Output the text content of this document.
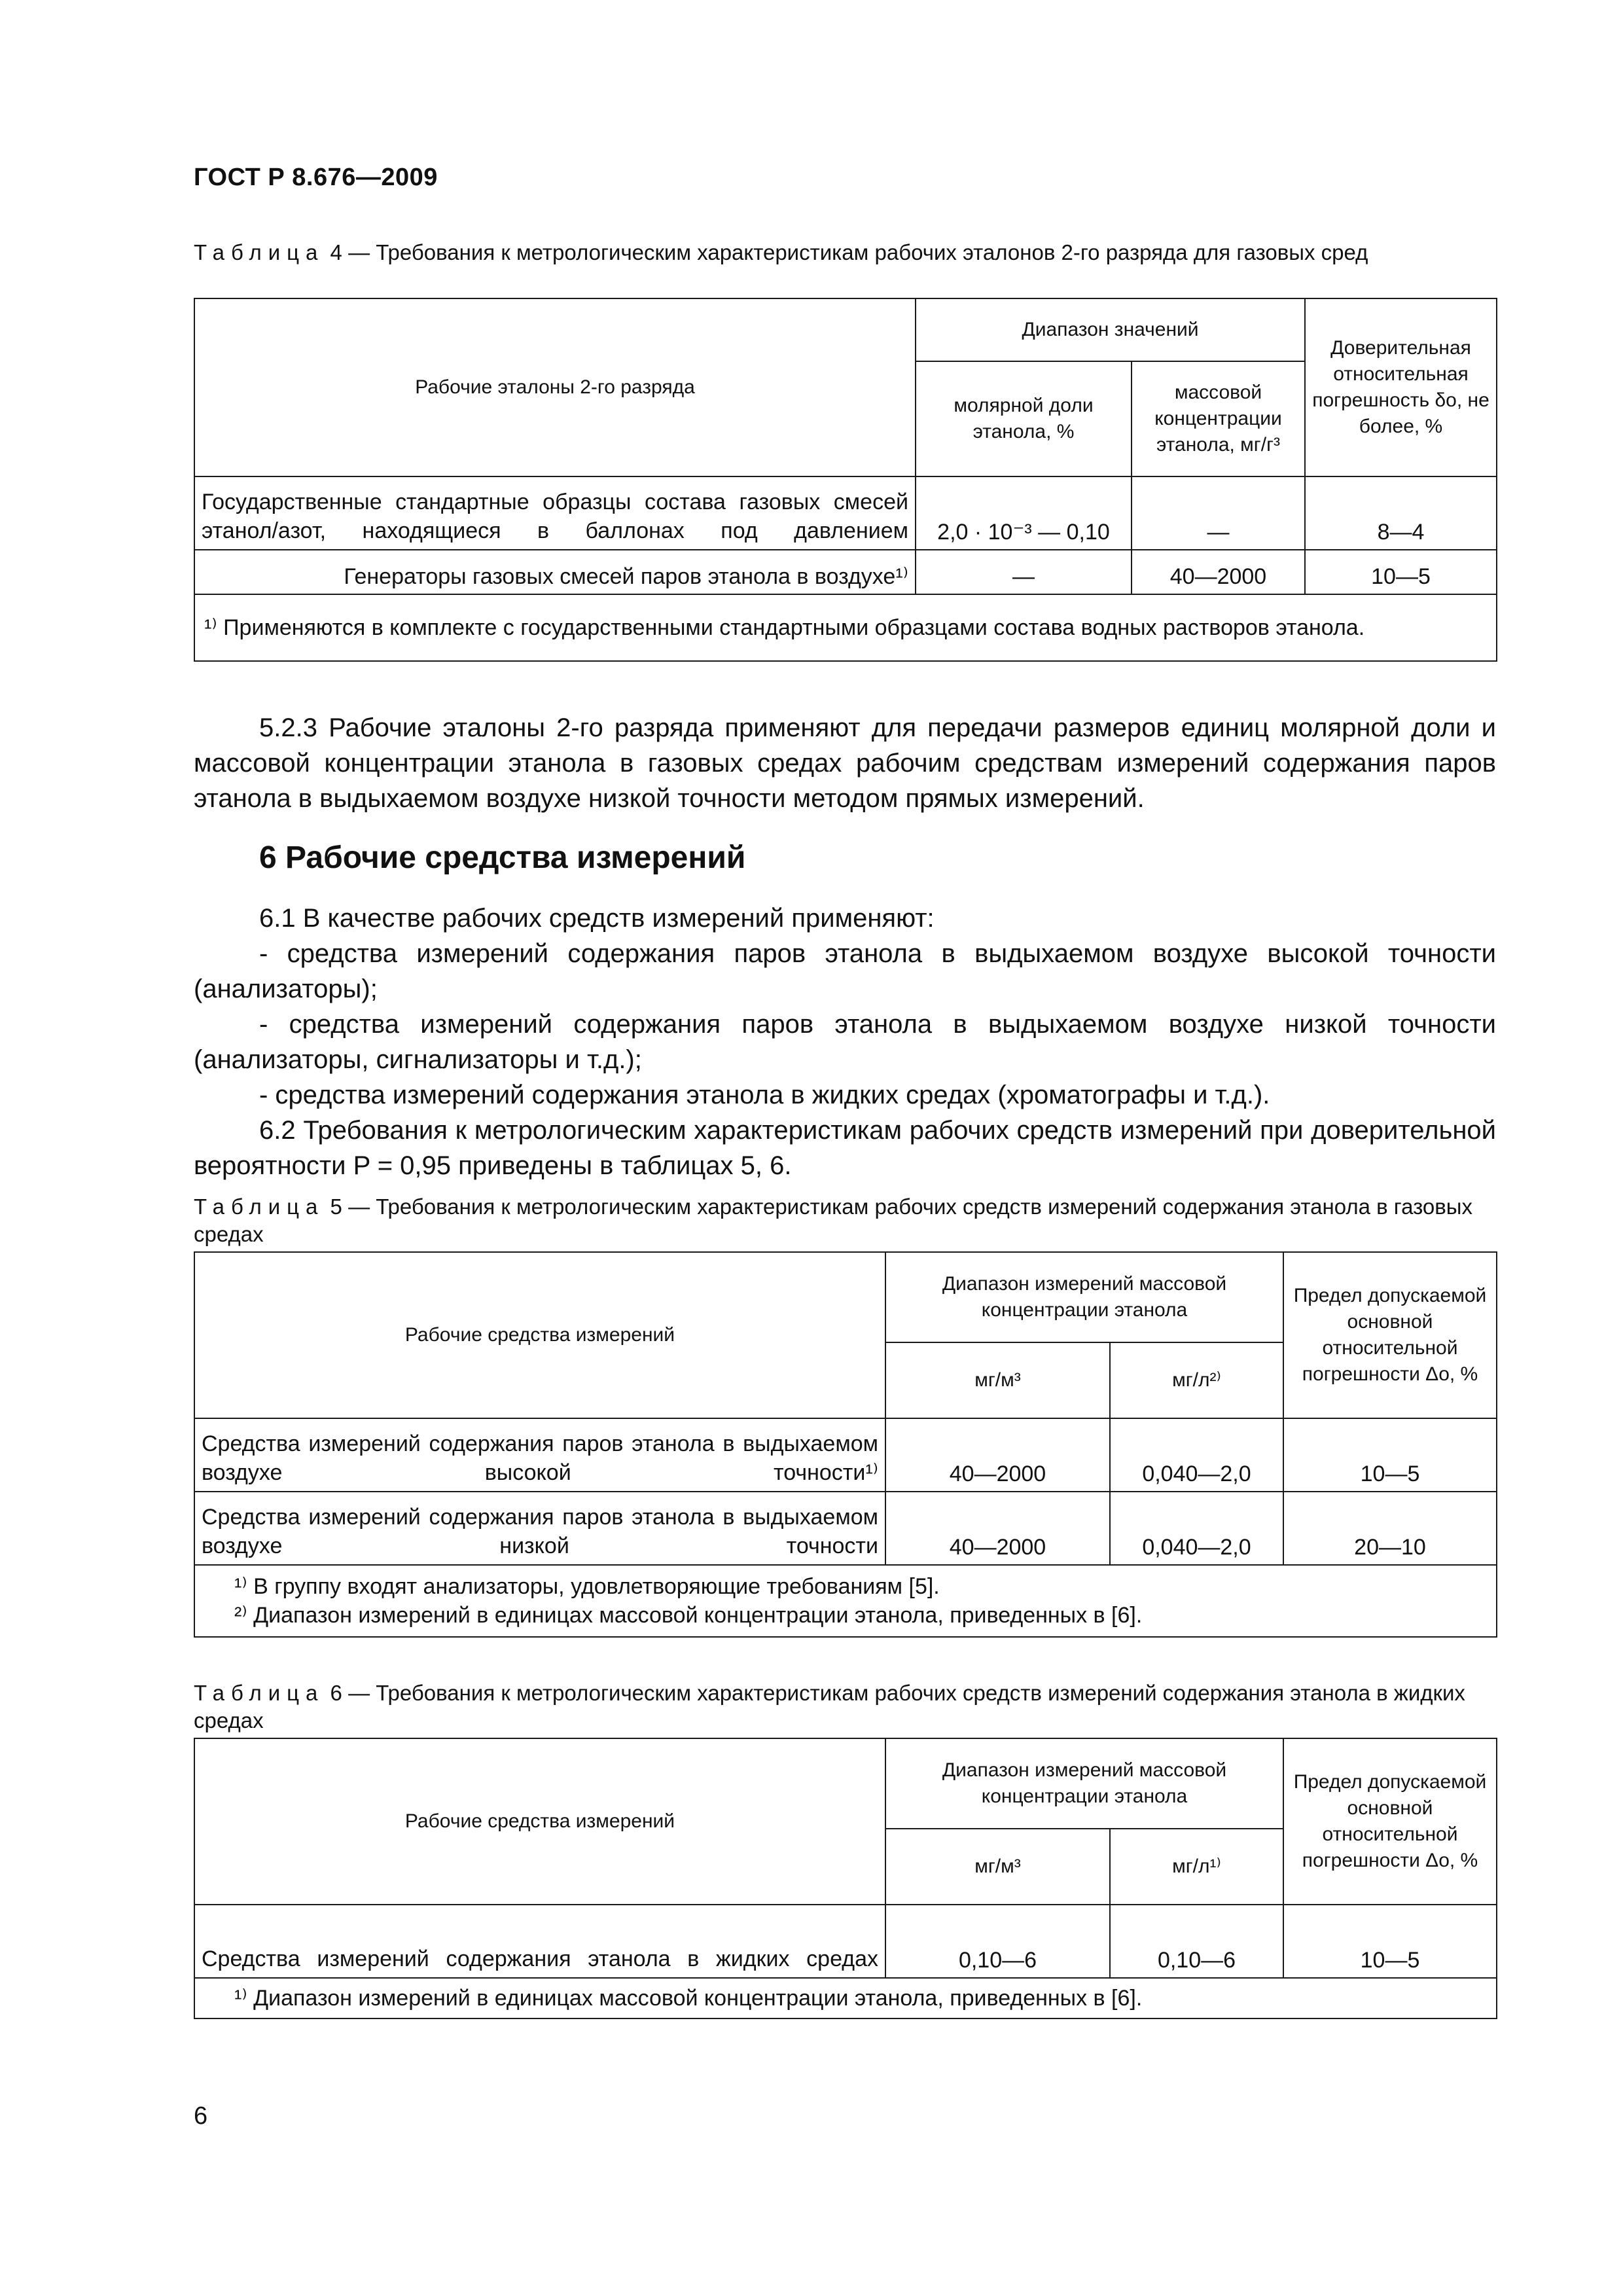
ГОСТ Р 8.676—2009
Таблица 4 — Требования к метрологическим характеристикам рабочих эталонов 2-го разряда для газовых сред
Рабочие эталоны 2-го разряда	Диапазон значений		Доверительная относительная погрешность δо, не более, %
	молярной доли этанола, %	массовой концентрации этанола, мг/г³	
Государственные стандартные образцы состава газовых смесей этанол/азот, находящиеся в баллонах под давлением	2,0 · 10⁻³ — 0,10	—	8—4
Генераторы газовых смесей паров этанола в воздухе¹⁾	—	40—2000	10—5
¹⁾ Применяются в комплекте с государственными стандартными образцами состава водных растворов этанола.			

5.2.3 Рабочие эталоны 2-го разряда применяют для передачи размеров единиц молярной доли и массовой концентрации этанола в газовых средах рабочим средствам измерений содержания паров этанола в выдыхаемом воздухе низкой точности методом прямых измерений.

6 Рабочие средства измерений

6.1 В качестве рабочих средств измерений применяют:

- средства измерений содержания паров этанола в выдыхаемом воздухе высокой точности (анализаторы);

- средства измерений содержания паров этанола в выдыхаемом воздухе низкой точности (анализаторы, сигнализаторы и т.д.);

- средства измерений содержания этанола в жидких средах (хроматографы и т.д.).

6.2 Требования к метрологическим характеристикам рабочих средств измерений при доверительной вероятности P = 0,95 приведены в таблицах 5, 6.

Таблица 5 — Требования к метрологическим характеристикам рабочих средств измерений содержания этанола в газовых средах
Рабочие средства измерений	Диапазон измерений массовой концентрации этанола		Предел допускаемой основной относительной погрешности Δо, %
	мг/м³	мг/л²⁾	
Средства измерений содержания паров этанола в выдыхаемом воздухе высокой точности¹⁾	40—2000	0,040—2,0	10—5
Средства измерений содержания паров этанола в выдыхаемом воздухе низкой точности	40—2000	0,040—2,0	20—10

¹⁾ В группу входят анализаторы, удовлетворяющие требованиям [5].
²⁾ Диапазон измерений в единицах массовой концентрации этанола, приведенных в [6].			
Таблица 6 — Требования к метрологическим характеристикам рабочих средств измерений содержания этанола в жидких средах
Рабочие средства измерений	Диапазон измерений массовой концентрации этанола		Предел допускаемой основной относительной погрешности Δо, %
	мг/м³	мг/л¹⁾	
Средства измерений содержания этанола в жидких средах	0,10—6	0,10—6	10—5
¹⁾ Диапазон измерений в единицах массовой концентрации этанола, приведенных в [6].			
6
